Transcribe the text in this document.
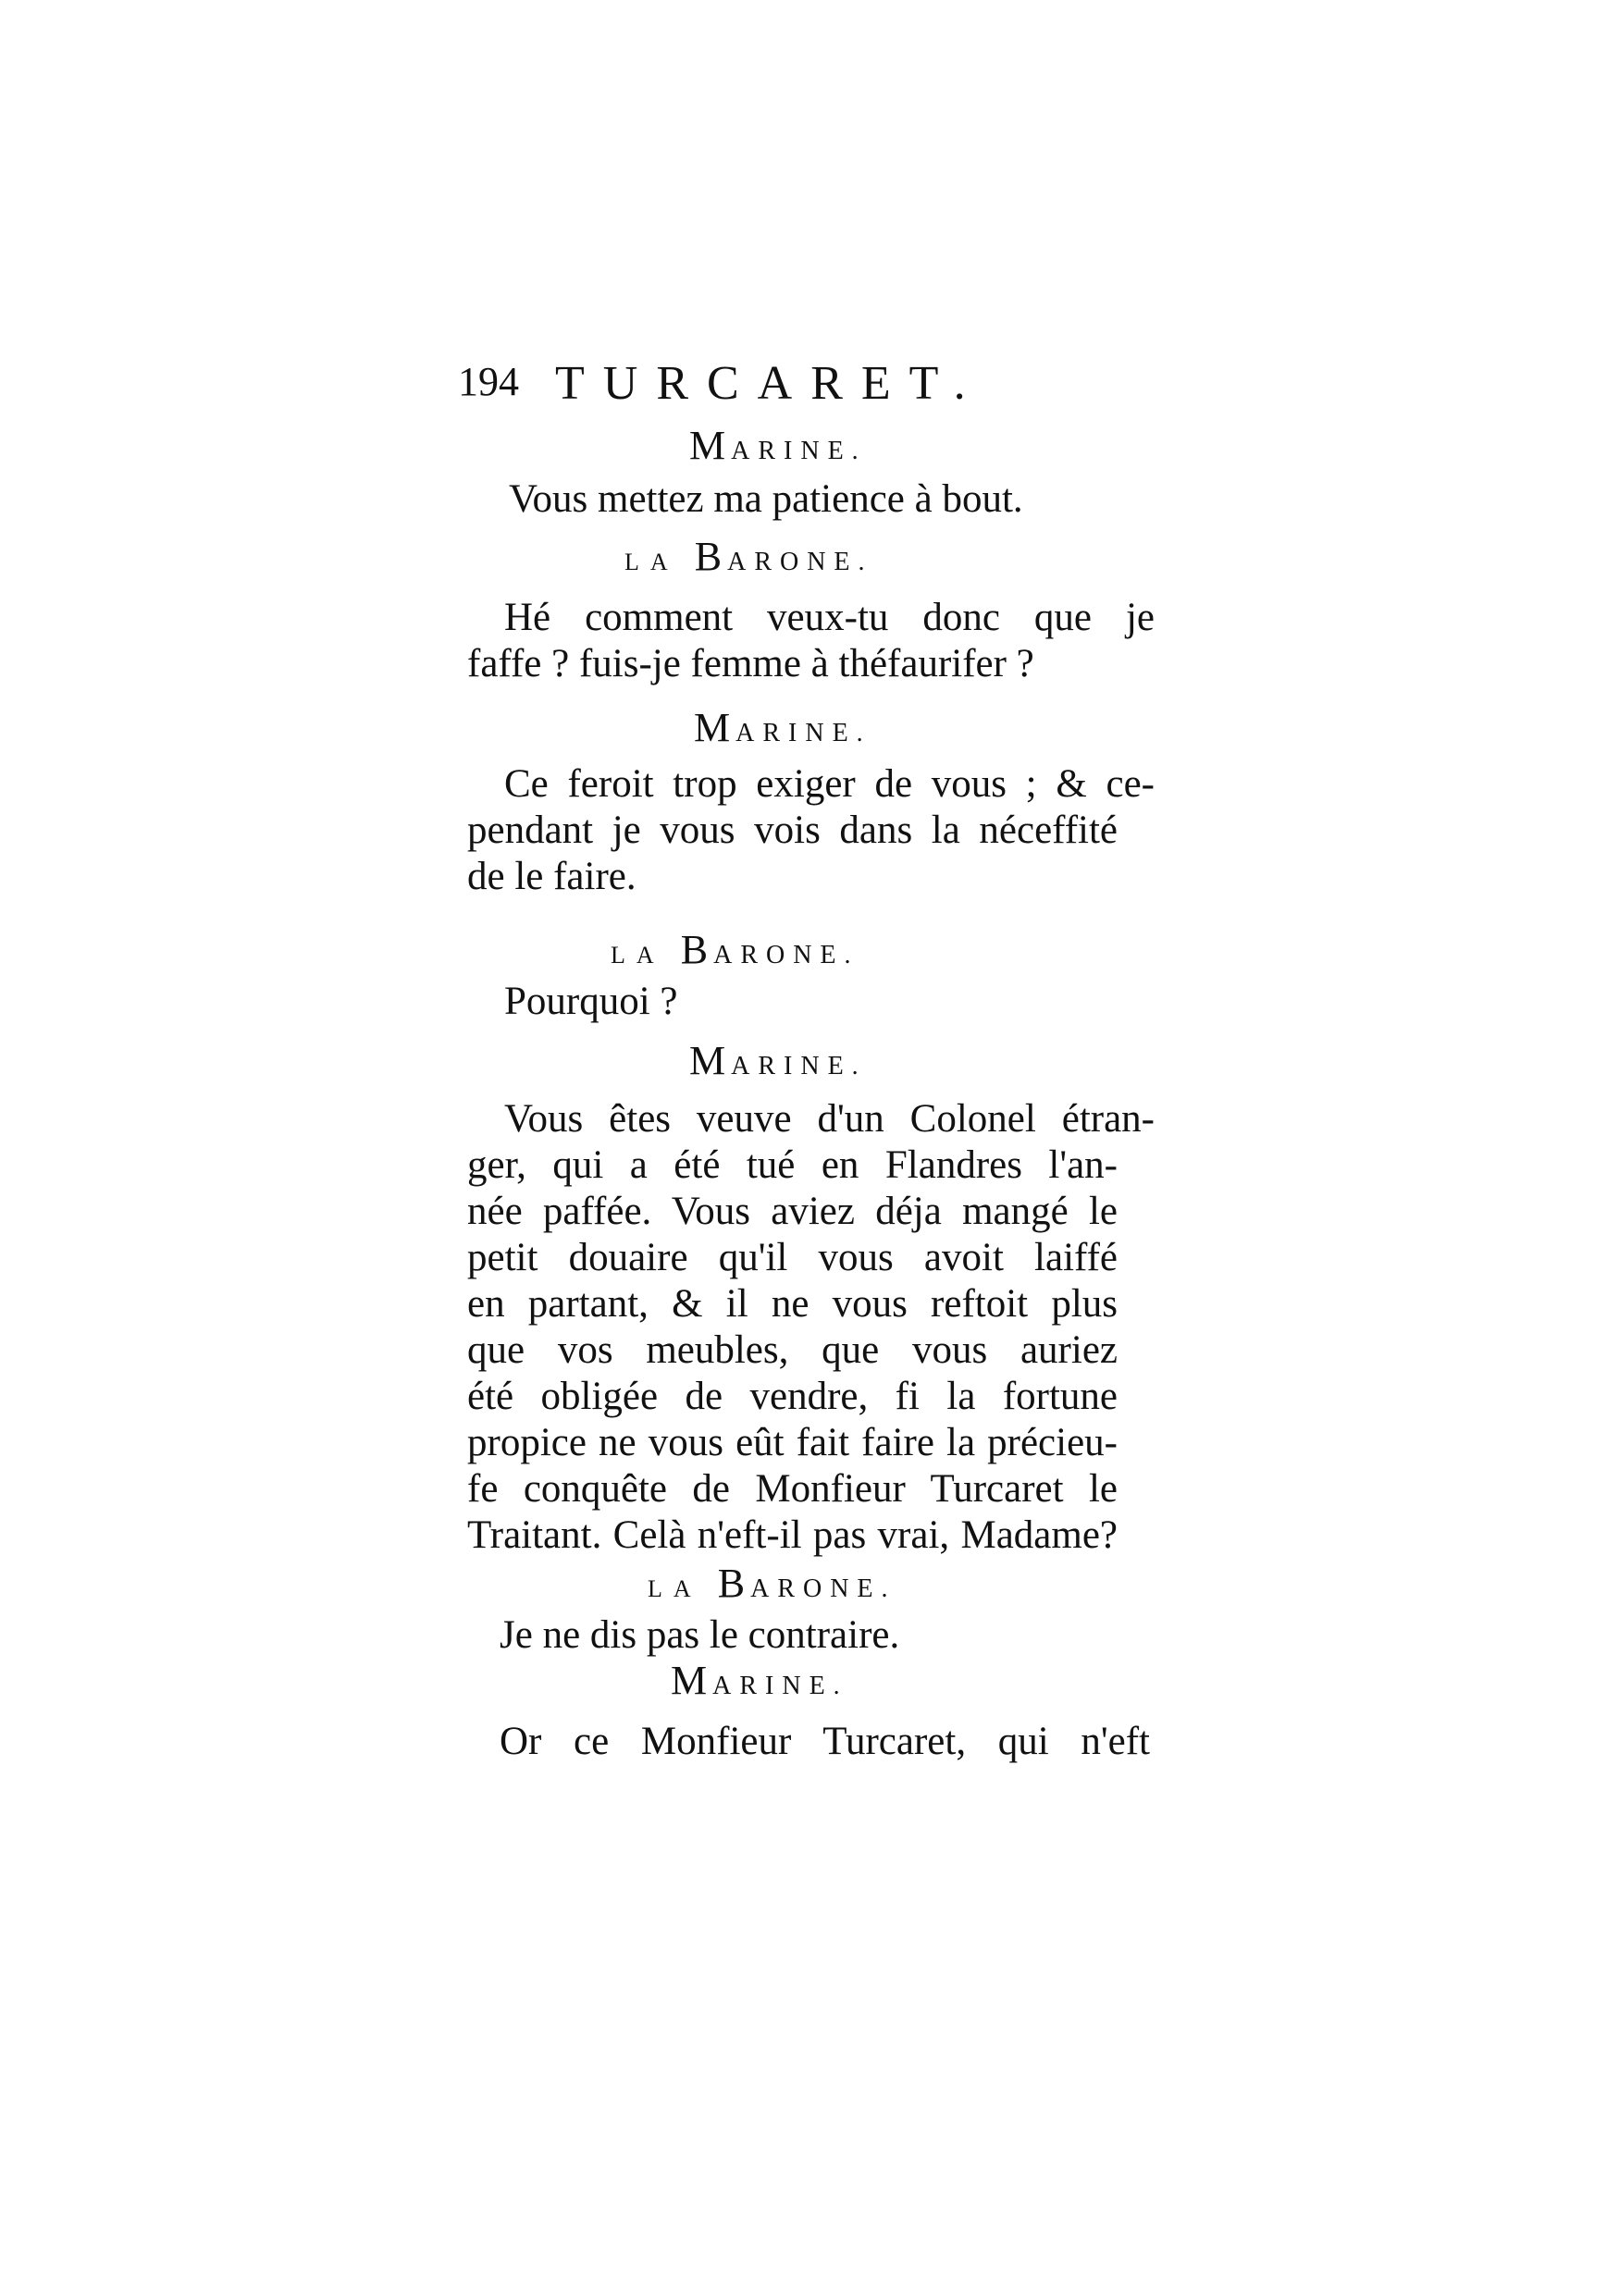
194 TURCARET.
MARINE.
Vous mettez ma patience à bout.
LA BARONE.
Hé comment veux-tu donc que je
faffe ? fuis-je femme à théfaurifer ?
MARINE.
Ce feroit trop exiger de vous ; & ce-
pendant je vous vois dans la néceffité
de le faire.
LA BARONE.
Pourquoi ?
MARINE.
Vous êtes veuve d'un Colonel étran-
ger, qui a été tué en Flandres l'an-
née paffée. Vous aviez déja mangé le
petit douaire qu'il vous avoit laiffé
en partant, & il ne vous reftoit plus
que vos meubles, que vous auriez
été obligée de vendre, fi la fortune
propice ne vous eût fait faire la précieu-
fe conquête de Monfieur Turcaret le
Traitant. Celà n'eft-il pas vrai, Madame?
LA BARONE.
Je ne dis pas le contraire.
MARINE.
Or ce Monfieur Turcaret, qui n'eft
